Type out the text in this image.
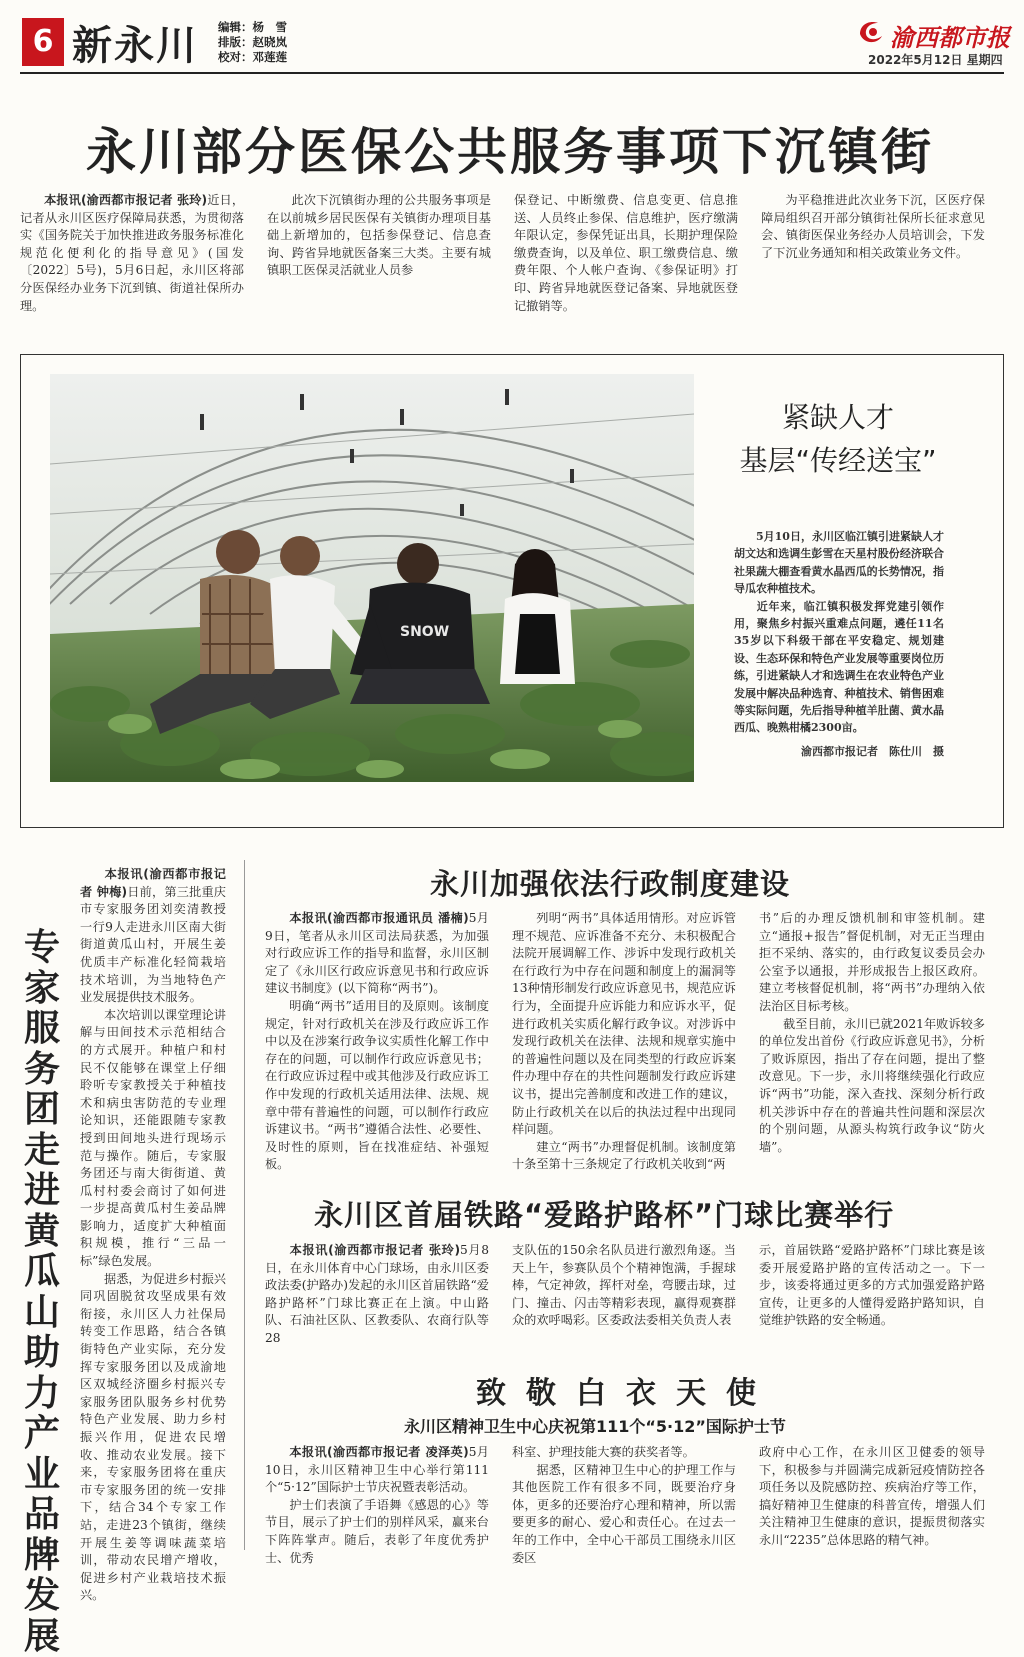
6 新永川 编辑：杨　雪
排版：赵晓岚
校对：邓莲莲
渝西都市报
2022年5月12日 星期四
永川部分医保公共服务事项下沉镇街

本报讯(渝西都市报记者 张玲)近日，记者从永川区医疗保障局获悉，为贯彻落实《国务院关于加快推进政务服务标准化规范化便利化的指导意见》(国发〔2022〕5号)，5月6日起，永川区将部分医保经办业务下沉到镇、街道社保所办理。

此次下沉镇街办理的公共服务事项是在以前城乡居民医保有关镇街办理项目基础上新增加的，包括参保登记、信息查询、跨省异地就医备案三大类。主要有城镇职工医保灵活就业人员参

保登记、中断缴费、信息变更、信息推送、人员终止参保、信息维护，医疗缴满年限认定，参保凭证出具，长期护理保险缴费查询，以及单位、职工缴费信息、缴费年限、个人帐户查询、《参保证明》打印、跨省异地就医登记备案、异地就医登记撤销等。

为平稳推进此次业务下沉，区医疗保障局组织召开部分镇街社保所长征求意见会、镇街医保业务经办人员培训会，下发了下沉业务通知和相关政策业务文件。

SNOW
紧缺人才
基层“传经送宝”

5月10日，永川区临江镇引进紧缺人才胡文达和选调生彭雪在天星村股份经济联合社果蔬大棚查看黄水晶西瓜的长势情况，指导瓜农种植技术。

近年来，临江镇积极发挥党建引领作用，聚焦乡村振兴重难点问题，遴任11名35岁以下科级干部在平安稳定、规划建设、生态环保和特色产业发展等重要岗位历练，引进紧缺人才和选调生在农业特色产业发展中解决品种选育、种植技术、销售困难等实际问题，先后指导种植羊肚菌、黄水晶西瓜、晚熟柑橘2300亩。

渝西都市报记者　陈仕川　摄

专家服务团走进黄瓜山助力产业品牌发展

本报讯(渝西都市报记者 钟梅)日前，第三批重庆市专家服务团刘奕清教授一行9人走进永川区南大街街道黄瓜山村，开展生姜优质丰产标准化轻简栽培技术培训，为当地特色产业发展提供技术服务。

本次培训以课堂理论讲解与田间技术示范相结合的方式展开。种植户和村民不仅能够在课堂上仔细聆听专家教授关于种植技术和病虫害防范的专业理论知识，还能跟随专家教授到田间地头进行现场示范与操作。随后，专家服务团还与南大街街道、黄瓜村村委会商讨了如何进一步提高黄瓜村生姜品牌影响力，适度扩大种植面积规模，推行“三品一标”绿色发展。

据悉，为促进乡村振兴同巩固脱贫攻坚成果有效衔接，永川区人力社保局转变工作思路，结合各镇街特色产业实际，充分发挥专家服务团以及成渝地区双城经济圈乡村振兴专家服务团队服务乡村优势特色产业发展、助力乡村振兴作用，促进农民增收、推动农业发展。接下来，专家服务团将在重庆市专家服务团的统一安排下，结合34个专家工作站，走进23个镇街，继续开展生姜等调味蔬菜培训，带动农民增产增收，促进乡村产业栽培技术振兴。

永川加强依法行政制度建设

本报讯(渝西都市报通讯员 潘楠)5月9日，笔者从永川区司法局获悉，为加强对行政应诉工作的指导和监督，永川区制定了《永川区行政应诉意见书和行政应诉建议书制度》(以下简称“两书”)。

明确“两书”适用目的及原则。该制度规定，针对行政机关在涉及行政应诉工作中以及在涉案行政争议实质性化解工作中存在的问题，可以制作行政应诉意见书；在行政应诉过程中或其他涉及行政应诉工作中发现的行政机关适用法律、法规、规章中带有普遍性的问题，可以制作行政应诉建议书。“两书”遵循合法性、必要性、及时性的原则，旨在找准症结、补强短板。

列明“两书”具体适用情形。对应诉管理不规范、应诉准备不充分、未积极配合法院开展调解工作、涉诉中发现行政机关在行政行为中存在问题和制度上的漏洞等13种情形制发行政应诉意见书，规范应诉行为，全面提升应诉能力和应诉水平，促进行政机关实质化解行政争议。对涉诉中发现行政机关在法律、法规和规章实施中的普遍性问题以及在同类型的行政应诉案件办理中存在的共性问题制发行政应诉建议书，提出完善制度和改进工作的建议，防止行政机关在以后的执法过程中出现同样问题。

建立“两书”办理督促机制。该制度第十条至第十三条规定了行政机关收到“两

书”后的办理反馈机制和审签机制。建立“通报+报告”督促机制，对无正当理由拒不采纳、落实的，由行政复议委员会办公室予以通报，并形成报告上报区政府。建立考核督促机制，将“两书”办理纳入依法治区目标考核。

截至目前，永川已就2021年败诉较多的单位发出首份《行政应诉意见书》，分析了败诉原因，指出了存在问题，提出了整改意见。下一步，永川将继续强化行政应诉“两书”功能，深入查找、深刻分析行政机关涉诉中存在的普遍共性问题和深层次的个别问题，从源头构筑行政争议“防火墙”。

永川区首届铁路“爱路护路杯”门球比赛举行

本报讯(渝西都市报记者 张玲)5月8日，在永川体育中心门球场，由永川区委政法委(护路办)发起的永川区首届铁路“爱路护路杯”门球比赛正在上演。中山路队、石油社区队、区教委队、农商行队等28

支队伍的150余名队员进行激烈角逐。当天上午，参赛队员个个精神饱满，手握球棒，气定神敛，挥杆对垒，弯腰击球，过门、撞击、闪击等精彩表现，赢得观赛群众的欢呼喝彩。区委政法委相关负责人表

示，首届铁路“爱路护路杯”门球比赛是该委开展爱路护路的宣传活动之一。下一步，该委将通过更多的方式加强爱路护路宣传，让更多的人懂得爱路护路知识，自觉维护铁路的安全畅通。

致敬白衣天使
永川区精神卫生中心庆祝第111个“5·12”国际护士节

本报讯(渝西都市报记者 凌泽英)5月10日，永川区精神卫生中心举行第111个“5·12”国际护士节庆祝暨表彰活动。

护士们表演了手语舞《感恩的心》等节目，展示了护士们的别样风采，赢来台下阵阵掌声。随后，表彰了年度优秀护士、优秀

科室、护理技能大赛的获奖者等。

据悉，区精神卫生中心的护理工作与其他医院工作有很多不同，既要治疗身体，更多的还要治疗心理和精神，所以需要更多的耐心、爱心和责任心。在过去一年的工作中，全中心干部员工围绕永川区委区

政府中心工作，在永川区卫健委的领导下，积极参与并圆满完成新冠疫情防控各项任务以及院感防控、疾病治疗等工作，搞好精神卫生健康的科普宣传，增强人们关注精神卫生健康的意识，提振贯彻落实永川“2235”总体思路的精气神。
